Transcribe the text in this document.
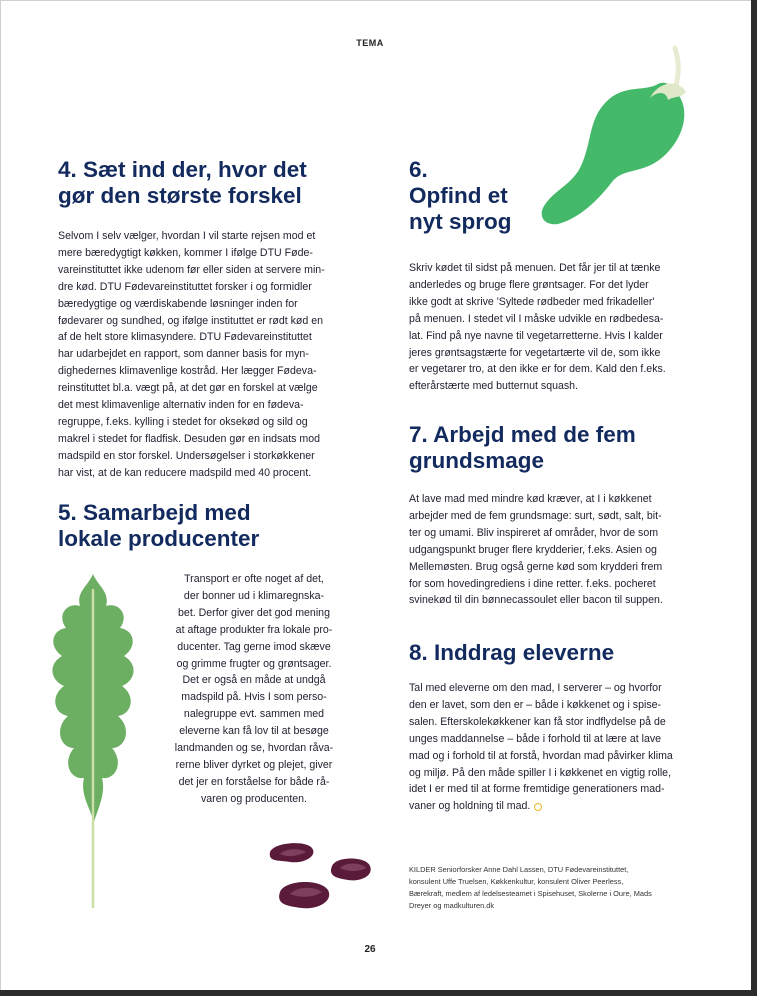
TEMA
4. Sæt ind der, hvor det
gør den største forskel
Selvom I selv vælger, hvordan I vil starte rejsen mod et
mere bæredygtigt køkken, kommer I ifølge DTU Føde-
vareinstituttet ikke udenom før eller siden at servere min-
dre kød. DTU Fødevareinstituttet forsker i og formidler
bæredygtige og værdiskabende løsninger inden for
fødevarer og sundhed, og ifølge instituttet er rødt kød en
af de helt store klimasyndere. DTU Fødevareinstituttet
har udarbejdet en rapport, som danner basis for myn-
dighedernes klimavenlige kostråd. Her lægger Fødeva-
reinstituttet bl.a. vægt på, at det gør en forskel at vælge
det mest klimavenlige alternativ inden for en fødeva-
regruppe, f.eks. kylling i stedet for oksekød og sild og
makrel i stedet for fladfisk. Desuden gør en indsats mod
madspild en stor forskel. Undersøgelser i storkøkkener
har vist, at de kan reducere madspild med 40 procent.
5. Samarbejd med
lokale producenter
Transport er ofte noget af det,
der bonner ud i klimaregnska-
bet. Derfor giver det god mening
at aftage produkter fra lokale pro-
ducenter. Tag gerne imod skæve
og grimme frugter og grøntsager.
Det er også en måde at undgå
madspild på. Hvis I som perso-
nalegruppe evt. sammen med
eleverne kan få lov til at besøge
landmanden og se, hvordan råva-
rerne bliver dyrket og plejet, giver
det jer en forståelse for både rå-
varen og producenten.
6.
Opfind et
nyt sprog
Skriv kødet til sidst på menuen. Det får jer til at tænke
anderledes og bruge flere grøntsager. For det lyder
ikke godt at skrive 'Syltede rødbeder med frikadeller'
på menuen. I stedet vil I måske udvikle en rødbedesa-
lat. Find på nye navne til vegetarretterne. Hvis I kalder
jeres grøntsagstærte for vegetartærte vil de, som ikke
er vegetarer tro, at den ikke er for dem. Kald den f.eks.
efterårstærte med butternut squash.
7. Arbejd med de fem
grundsmage
At lave mad med mindre kød kræver, at I i køkkenet
arbejder med de fem grundsmage: surt, sødt, salt, bit-
ter og umami. Bliv inspireret af områder, hvor de som
udgangspunkt bruger flere krydderier, f.eks. Asien og
Mellemøsten. Brug også gerne kød som krydderi frem
for som hovedingrediens i dine retter. f.eks. pocheret
svinekød til din bønnecassoulet eller bacon til suppen.
8. Inddrag eleverne
Tal med eleverne om den mad, I serverer – og hvorfor
den er lavet, som den er – både i køkkenet og i spise-
salen. Efterskolekøkkener kan få stor indflydelse på de
unges maddannelse – både i forhold til at lære at lave
mad og i forhold til at forstå, hvordan mad påvirker klima
og miljø. På den måde spiller I i køkkenet en vigtig rolle,
idet I er med til at forme fremtidige generationers mad-
vaner og holdning til mad.
KILDER Seniorforsker Anne Dahl Lassen, DTU Fødevareinstituttet,
konsulent Uffe Truelsen, Køkkenkultur, konsulent Oliver Peerless,
Bærekraft, medlem af ledelsesteamet i Spisehuset, Skolerne i Oure, Mads
Dreyer og madkulturen.dk
26
